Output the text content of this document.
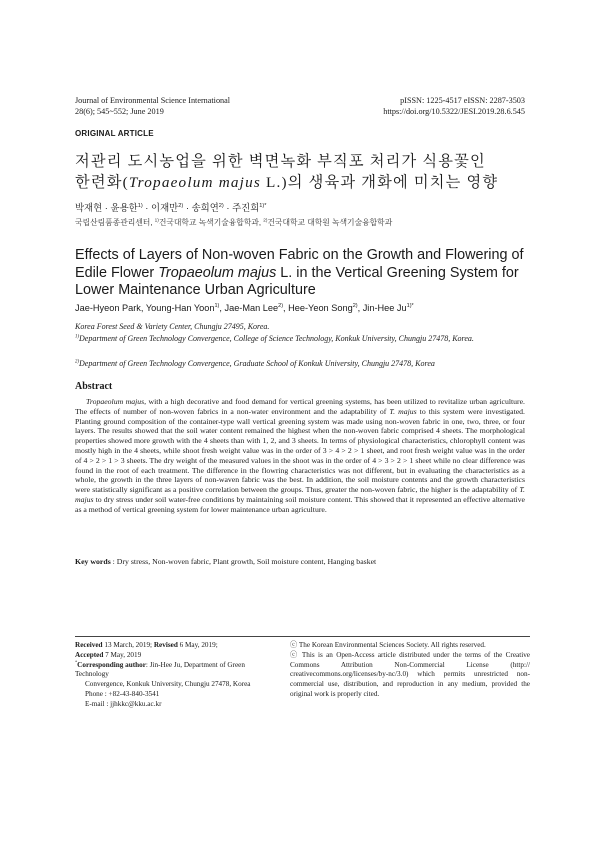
Journal of Environmental Science International
28(6); 545~552; June 2019
pISSN: 1225-4517 eISSN: 2287-3503
https://doi.org/10.5322/JESI.2019.28.6.545
ORIGINAL ARTICLE
저관리 도시농업을 위한 벽면녹화 부직포 처리가 식용꽃인
한련화(Tropaeolum majus L.)의 생육과 개화에 미치는 영향
박재현 · 윤용한$^{1)}$ · 이재만$^{2)}$ · 송희연$^{2)}$ · 주진희$^{1)*}$
국립산림품종관리센터, $^{1)}$건국대학교 녹색기술융합학과, $^{2)}$건국대학교 대학원 녹색기술융합학과
Effects of Layers of Non-woven Fabric on the Growth and Flowering of Edile Flower Tropaeolum majus L. in the Vertical Greening System for Lower Maintenance Urban Agriculture
Jae-Hyeon Park, Young-Han Yoon$^{1)}$, Jae-Man Lee$^{2)}$, Hee-Yeon Song$^{2)}$, Jin-Hee $Ju^{1)*}$
Korea Forest Seed & Variety Center, Chungju 27495, Korea.
$^{1)}$Department of Green Technology Convergence, College of Science Technology, Konkuk University, Chungju 27478, Korea.
$^{2)}$Department of Green Technology Convergence, Graduate School of Konkuk University, Chungju 27478, Korea
Abstract

Tropaeolum majus, with a high decorative and food demand for vertical greening systems, has been utilized to revitalize urban agriculture. The effects of number of non-woven fabrics in a non-water environment and the adaptability of T. majus to this system were investigated. Planting ground composition of the container-type wall vertical greening system was made using non-woven fabric in one, two, three, or four layers. The results showed that the soil water content remained the highest when the non-woven fabric comprised 4 sheets. The morphological properties showed more growth with the 4 sheets than with 1, 2, and 3 sheets. In terms of physiological characteristics, chlorophyll content was mostly high in the 4 sheets, while shoot fresh weight value was in the order of 3 > 4 > 2 > 1 sheet, and root fresh weight value was in the order of 4 > 2 > 1 > 3 sheets. The dry weight of the measured values in the shoot was in the order of 4 > 3 > 2 > 1 sheet while no clear difference was found in the root of each treatment. The difference in the flowring characteristics was not different, but in evaluating the characteristics as a whole, the growth in the three layers of non-waven fabric was the best. In addition, the soil moisture contents and the growth characteristics were statistically significant as a positive correlation between the groups. Thus, greater the non-woven fabric, the higher is the adaptability of T. majus to dry stress under soil water-free conditions by maintaining soil moisture content. This showed that it represented an effective alternative as a method of vertical greening system for lower maintenance urban agriculture.

Key words : Dry stress, Non-woven fabric, Plant growth, Soil moisture content, Hanging basket

Received 13 March, 2019; Revised 6 May, 2019;

Accepted 7 May, 2019

*Corresponding author: Jin-Hee Ju, Department of Green Technology

Convergence, Konkuk University, Chungju 27478, Korea

Phone : +82-43-840-3541

E-mail : jjhkkc@kku.ac.kr

ⓒ The Korean Environmental Sciences Society. All rights reserved.

ⓒ This is an Open-Access article distributed under the terms of the Creative Commons Attribution Non-Commercial License (http:// creativecommons.org/licenses/by-nc/3.0) which permits unrestricted non-commercial use, distribution, and reproduction in any medium, provided the original work is properly cited.
